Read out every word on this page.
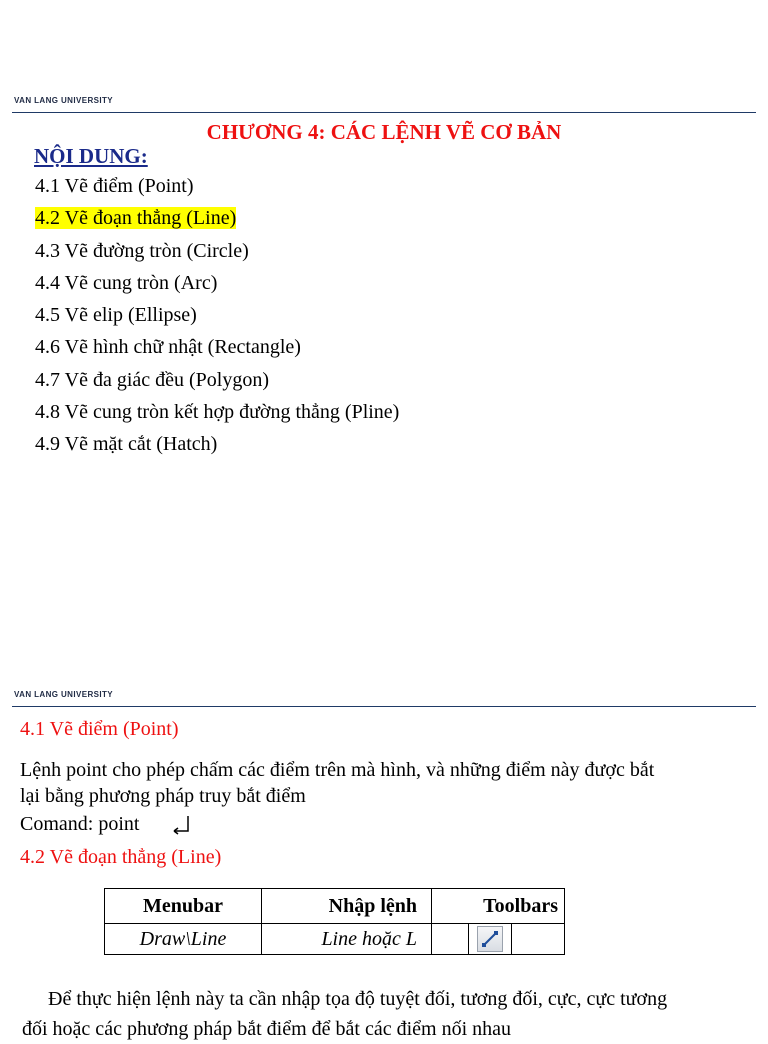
VAN LANG UNIVERSITY
CHƯƠNG 4: CÁC LỆNH VẼ CƠ BẢN
NỘI DUNG:
4.1 Vẽ điểm (Point)
4.2 Vẽ đoạn thẳng (Line)
4.3 Vẽ đường tròn (Circle)
4.4 Vẽ cung tròn (Arc)
4.5 Vẽ elip (Ellipse)
4.6 Vẽ hình chữ nhật (Rectangle)
4.7 Vẽ đa giác đều (Polygon)
4.8 Vẽ cung tròn kết hợp đường thẳng (Pline)
4.9 Vẽ mặt cắt (Hatch)
VAN LANG UNIVERSITY
4.1 Vẽ điểm (Point)
Lệnh point cho phép chấm các điểm trên mà hình, và những điểm này được bắt
lại bằng phương pháp truy bắt điểm
Comand: point
4.2 Vẽ đoạn thẳng (Line)
Menubar	Nhập lệnh	Toolbars
Draw\Line	Line hoặc L	
Để thực hiện lệnh này ta cần nhập tọa độ tuyệt đối, tương đối, cực, cực tương
đối hoặc các phương pháp bắt điểm để bắt các điểm nối nhau
